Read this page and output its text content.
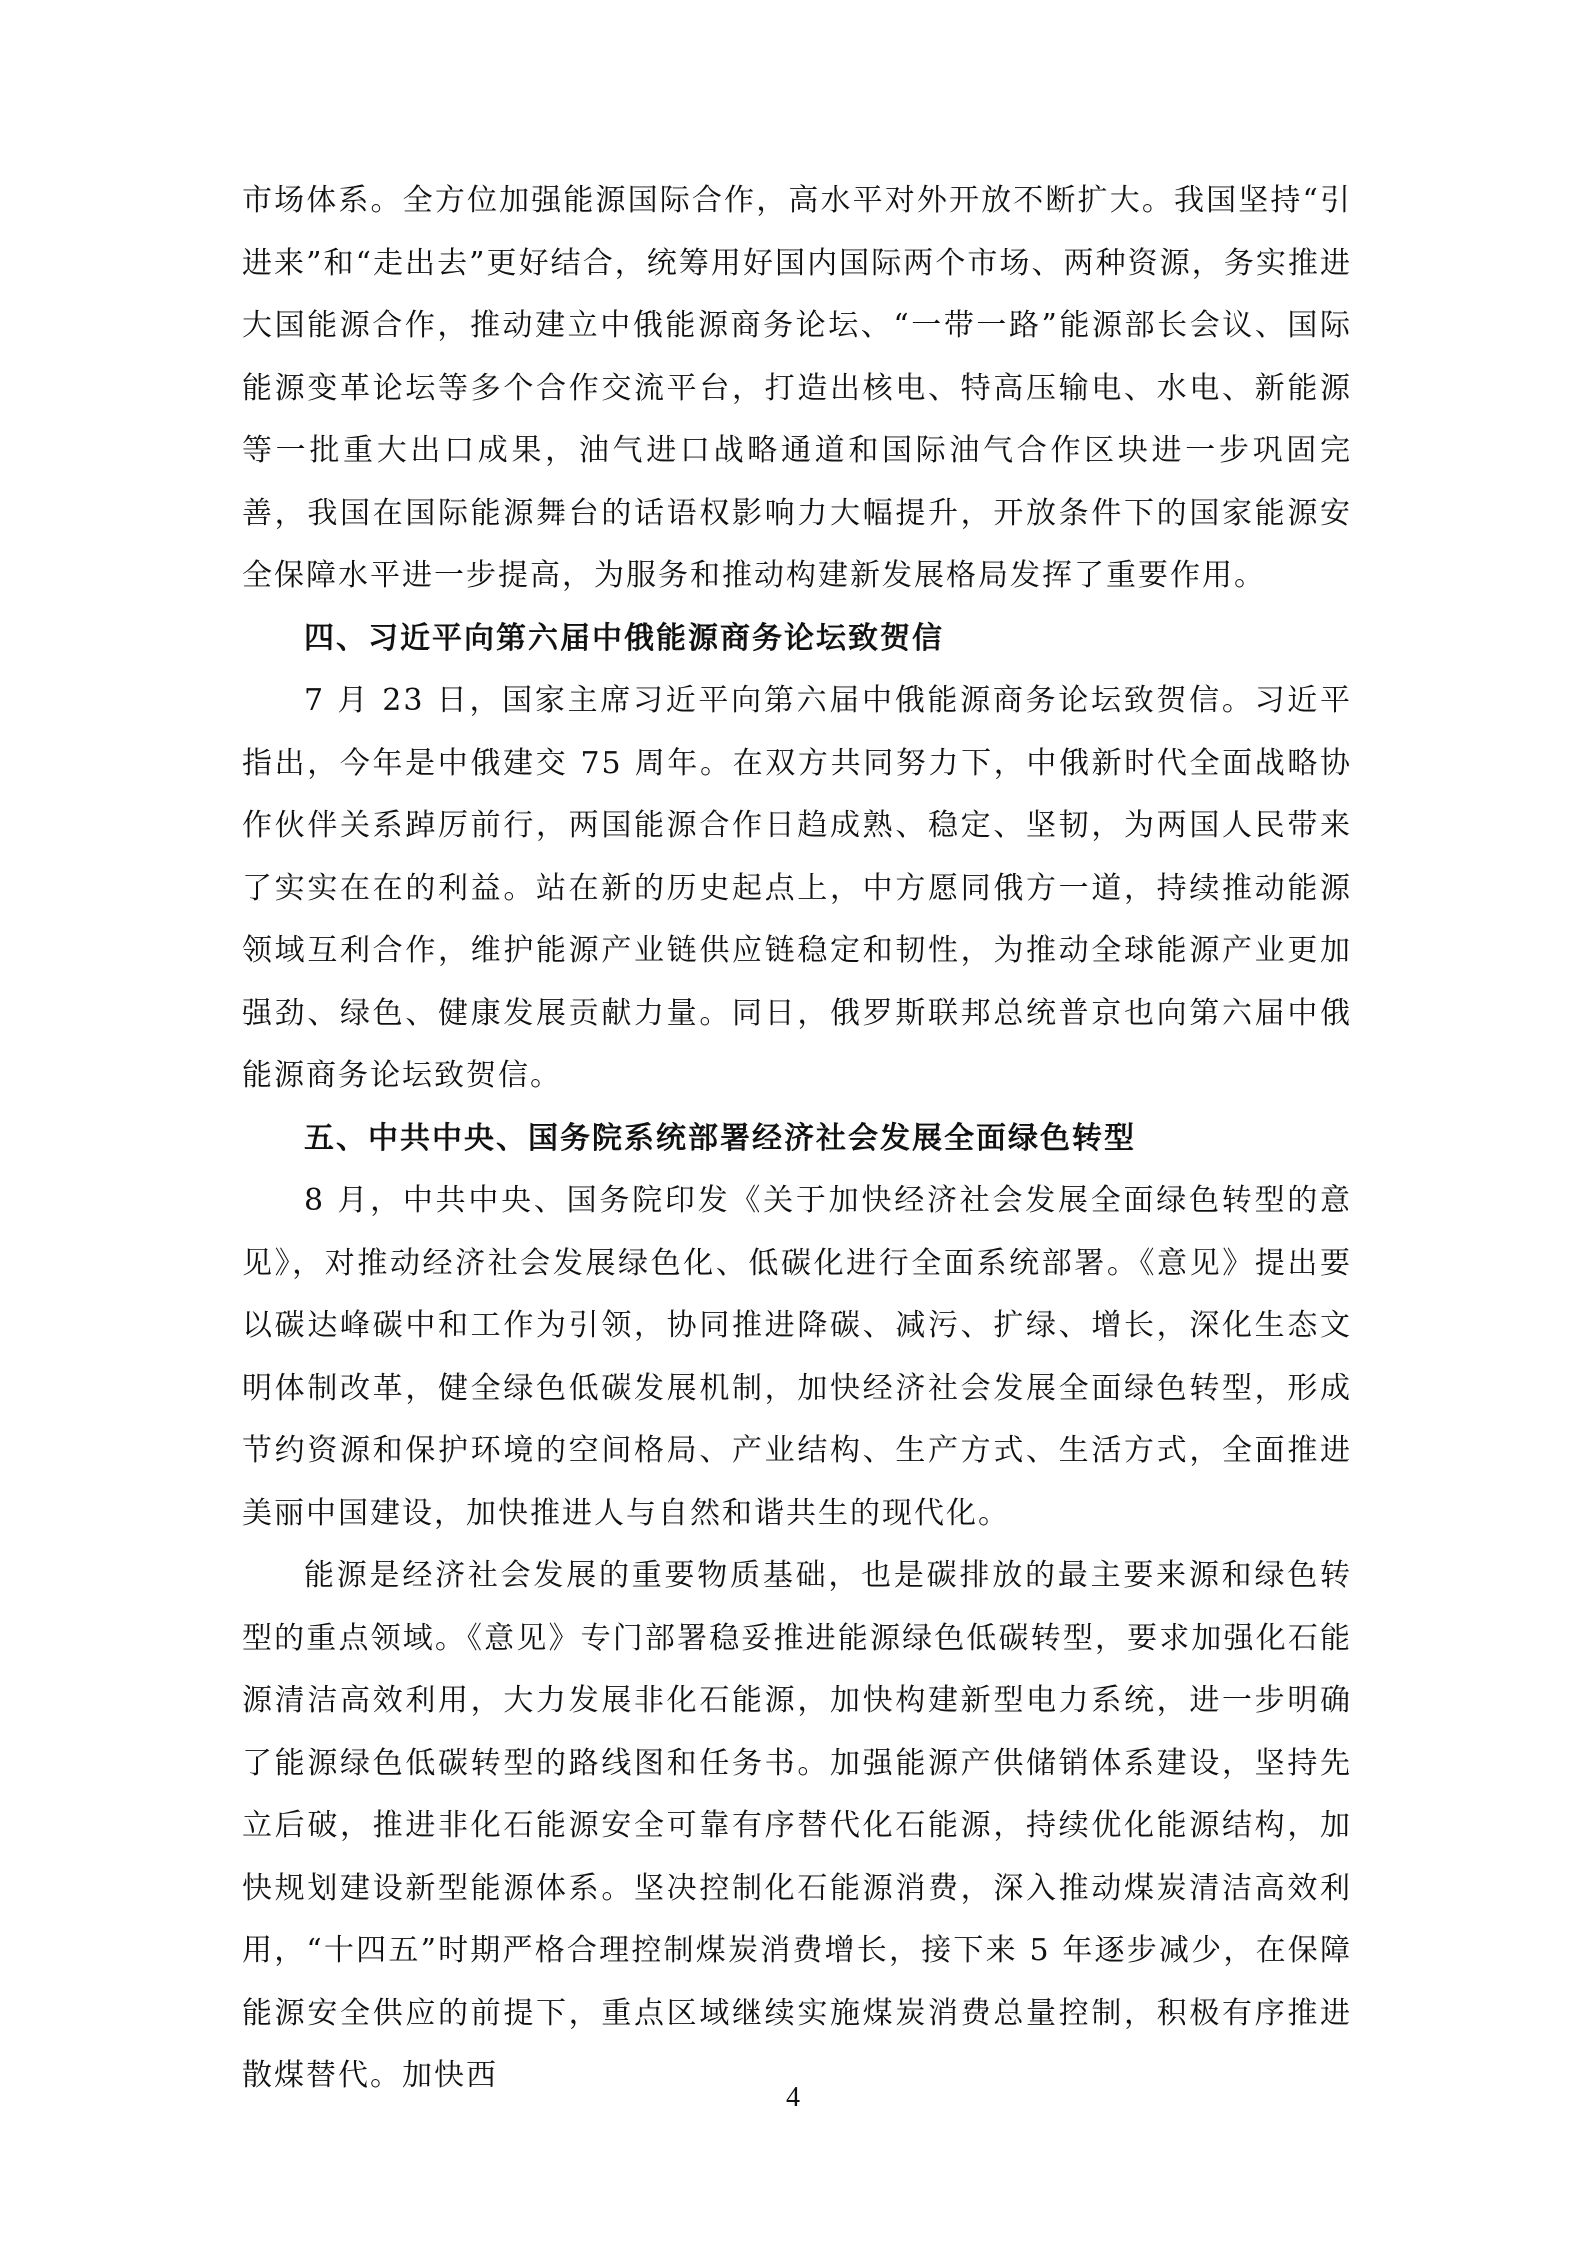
市场体系。全方位加强能源国际合作，高水平对外开放不断扩大。我国坚持“引进来”和“走出去”更好结合，统筹用好国内国际两个市场、两种资源，务实推进大国能源合作，推动建立中俄能源商务论坛、“一带一路”能源部长会议、国际能源变革论坛等多个合作交流平台，打造出核电、特高压输电、水电、新能源等一批重大出口成果，油气进口战略通道和国际油气合作区块进一步巩固完善，我国在国际能源舞台的话语权影响力大幅提升，开放条件下的国家能源安全保障水平进一步提高，为服务和推动构建新发展格局发挥了重要作用。

四、习近平向第六届中俄能源商务论坛致贺信

7 月 23 日，国家主席习近平向第六届中俄能源商务论坛致贺信。习近平指出，今年是中俄建交 75 周年。在双方共同努力下，中俄新时代全面战略协作伙伴关系踔厉前行，两国能源合作日趋成熟、稳定、坚韧，为两国人民带来了实实在在的利益。站在新的历史起点上，中方愿同俄方一道，持续推动能源领域互利合作，维护能源产业链供应链稳定和韧性，为推动全球能源产业更加强劲、绿色、健康发展贡献力量。同日，俄罗斯联邦总统普京也向第六届中俄能源商务论坛致贺信。

五、中共中央、国务院系统部署经济社会发展全面绿色转型

8 月，中共中央、国务院印发《关于加快经济社会发展全面绿色转型的意见》，对推动经济社会发展绿色化、低碳化进行全面系统部署。《意见》提出要以碳达峰碳中和工作为引领，协同推进降碳、减污、扩绿、增长，深化生态文明体制改革，健全绿色低碳发展机制，加快经济社会发展全面绿色转型，形成节约资源和保护环境的空间格局、产业结构、生产方式、生活方式，全面推进美丽中国建设，加快推进人与自然和谐共生的现代化。

能源是经济社会发展的重要物质基础，也是碳排放的最主要来源和绿色转型的重点领域。《意见》专门部署稳妥推进能源绿色低碳转型，要求加强化石能源清洁高效利用，大力发展非化石能源，加快构建新型电力系统，进一步明确了能源绿色低碳转型的路线图和任务书。加强能源产供储销体系建设，坚持先立后破，推进非化石能源安全可靠有序替代化石能源，持续优化能源结构，加快规划建设新型能源体系。坚决控制化石能源消费，深入推动煤炭清洁高效利用，“十四五”时期严格合理控制煤炭消费增长，接下来 5 年逐步减少，在保障能源安全供应的前提下，重点区域继续实施煤炭消费总量控制，积极有序推进散煤替代。加快西

4
